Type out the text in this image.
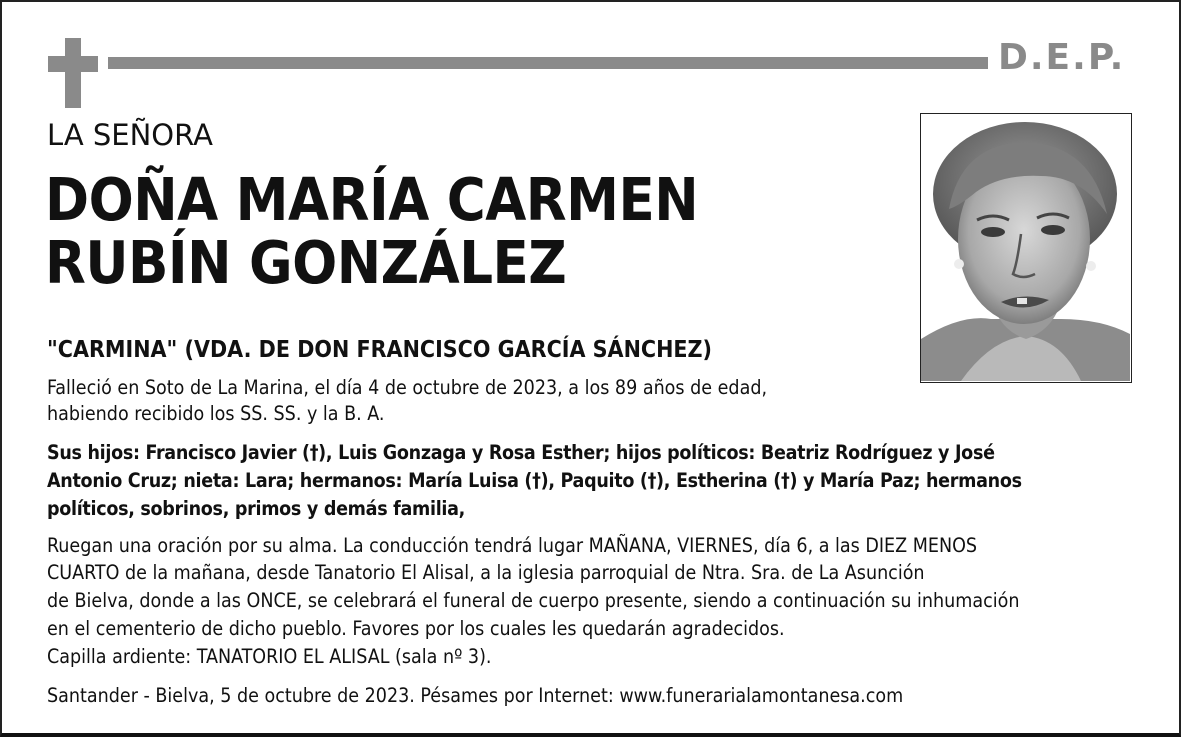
D.E.P.
LA SEÑORA
DOÑA MARÍA CARMEN
RUBÍN GONZÁLEZ
"CARMINA" (VDA. DE DON FRANCISCO GARCÍA SÁNCHEZ)
Falleció en Soto de La Marina, el día 4 de octubre de 2023, a los 89 años de edad,
habiendo recibido los SS. SS. y la B. A.
Sus hijos: Francisco Javier (†), Luis Gonzaga y Rosa Esther; hijos políticos: Beatriz Rodríguez y José
Antonio Cruz; nieta: Lara; hermanos: María Luisa (†), Paquito (†), Estherina (†) y María Paz; hermanos
políticos, sobrinos, primos y demás familia,
Ruegan una oración por su alma. La conducción tendrá lugar MAÑANA, VIERNES, día 6, a las DIEZ MENOS
CUARTO de la mañana, desde Tanatorio El Alisal, a la iglesia parroquial de Ntra. Sra. de La Asunción
de Bielva, donde a las ONCE, se celebrará el funeral de cuerpo presente, siendo a continuación su inhumación
en el cementerio de dicho pueblo. Favores por los cuales les quedarán agradecidos.
Capilla ardiente: TANATORIO EL ALISAL (sala nº 3).
Santander - Bielva, 5 de octubre de 2023. Pésames por Internet: www.funerarialamontanesa.com
